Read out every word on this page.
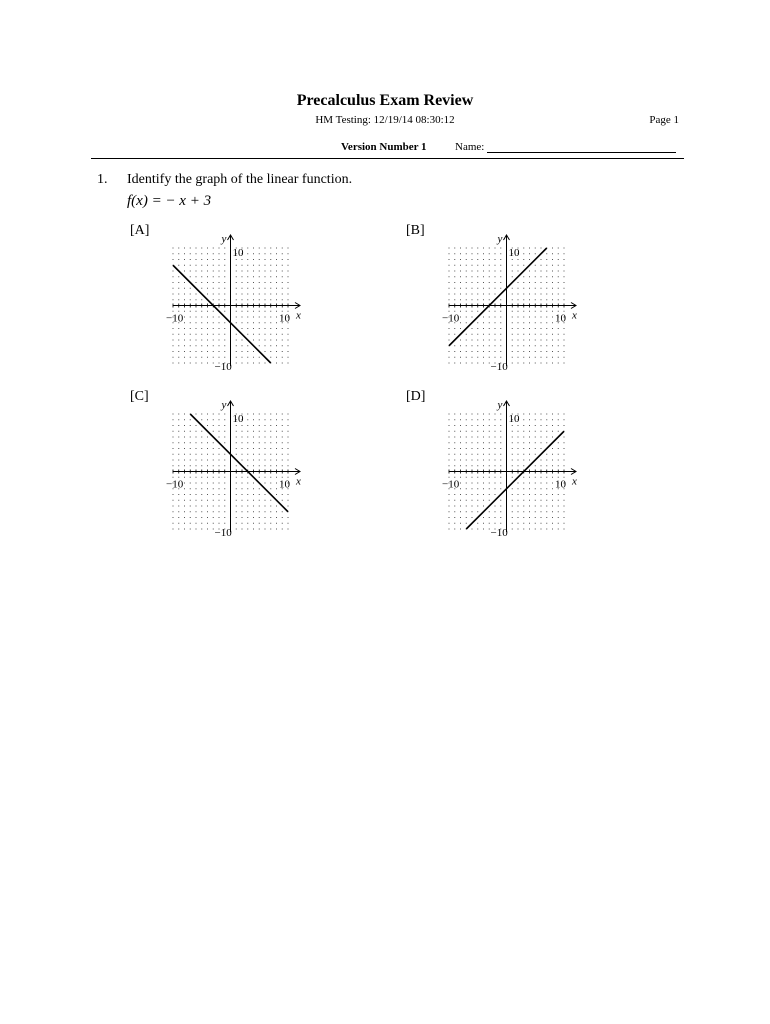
Precalculus Exam Review
HM Testing: 12/19/14 08:30:12	Page 1
Version Number 1	Name:
1. Identify the graph of the linear function.
f(x) = − x + 3
[A]	[B]
[C]	[D]
y
10
−10
−10	10 x
y
10
−10
−10	10 x
y
10
−10
−10	10 x
y
10
−10
−10	10 x
